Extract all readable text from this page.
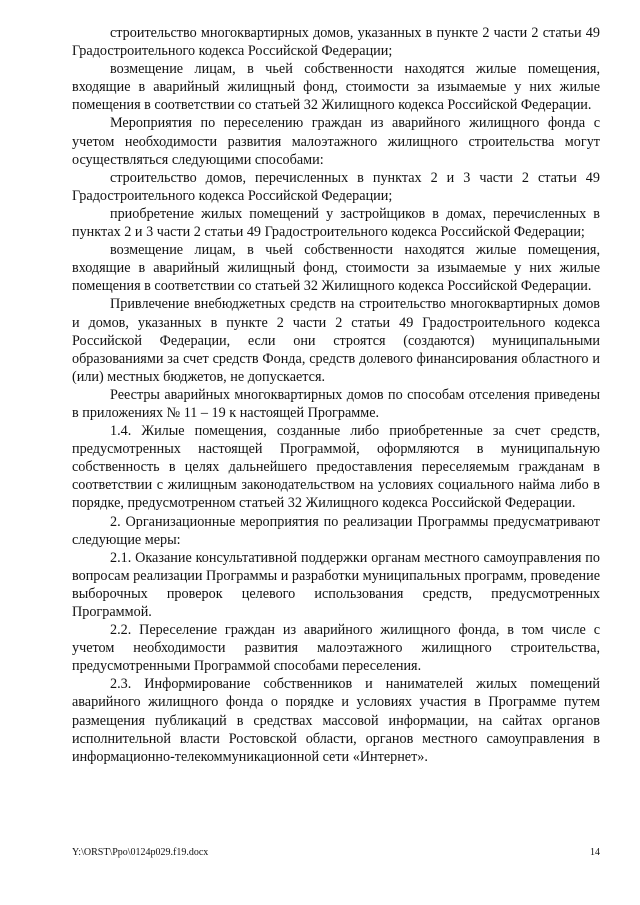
строительство многоквартирных домов, указанных в пункте 2 части 2 статьи 49 Градостроительного кодекса Российской Федерации;

возмещение лицам, в чьей собственности находятся жилые помещения, входящие в аварийный жилищный фонд, стоимости за изымаемые у них жилые помещения в соответствии со статьей 32 Жилищного кодекса Российской Федерации.

Мероприятия по переселению граждан из аварийного жилищного фонда с учетом необходимости развития малоэтажного жилищного строительства могут осуществляться следующими способами:

строительство домов, перечисленных в пунктах 2 и 3 части 2 статьи 49 Градостроительного кодекса Российской Федерации;

приобретение жилых помещений у застройщиков в домах, перечисленных в пунктах 2 и 3 части 2 статьи 49 Градостроительного кодекса Российской Федерации;

возмещение лицам, в чьей собственности находятся жилые помещения, входящие в аварийный жилищный фонд, стоимости за изымаемые у них жилые помещения в соответствии со статьей 32 Жилищного кодекса Российской Федерации.

Привлечение внебюджетных средств на строительство многоквартирных домов и домов, указанных в пункте 2 части 2 статьи 49 Градостроительного кодекса Российской Федерации, если они строятся (создаются) муниципальными образованиями за счет средств Фонда, средств долевого финансирования областного и (или) местных бюджетов, не допускается.

Реестры аварийных многоквартирных домов по способам отселения приведены в приложениях № 11 – 19 к настоящей Программе.

1.4. Жилые помещения, созданные либо приобретенные за счет средств, предусмотренных настоящей Программой, оформляются в муниципальную собственность в целях дальнейшего предоставления переселяемым гражданам в соответствии с жилищным законодательством на условиях социального найма либо в порядке, предусмотренном статьей 32 Жилищного кодекса Российской Федерации.

2. Организационные мероприятия по реализации Программы предусматривают следующие меры:

2.1. Оказание консультативной поддержки органам местного самоуправления по вопросам реализации Программы и разработки муниципальных программ, проведение выборочных проверок целевого использования средств, предусмотренных Программой.

2.2. Переселение граждан из аварийного жилищного фонда, в том числе с учетом необходимости развития малоэтажного жилищного строительства, предусмотренными Программой способами переселения.

2.3. Информирование собственников и нанимателей жилых помещений аварийного жилищного фонда о порядке и условиях участия в Программе путем размещения публикаций в средствах массовой информации, на сайтах органов исполнительной власти Ростовской области, органов местного самоуправления в информационно-телекоммуникационной сети «Интернет».

Y:\ORST\Ppo\0124p029.f19.docx	14
